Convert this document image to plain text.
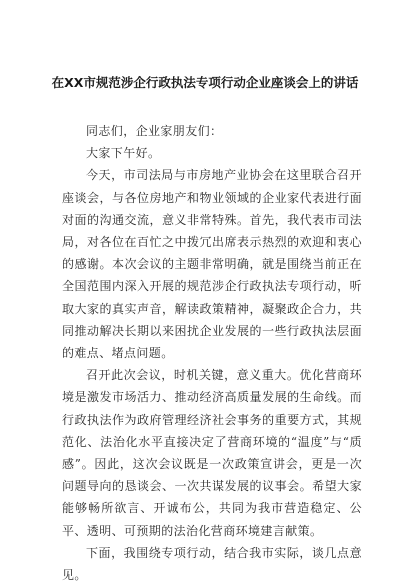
在XX市规范涉企行政执法专项行动企业座谈会上的讲话

同志们，企业家朋友们：

大家下午好。

今天，市司法局与市房地产业协会在这里联合召开座谈会，与各位房地产和物业领域的企业家代表进行面对面的沟通交流，意义非常特殊。首先，我代表市司法局，对各位在百忙之中拨冗出席表示热烈的欢迎和衷心的感谢。本次会议的主题非常明确，就是围绕当前正在全国范围内深入开展的规范涉企行政执法专项行动，听取大家的真实声音，解读政策精神，凝聚政企合力，共同推动解决长期以来困扰企业发展的一些行政执法层面的难点、堵点问题。

召开此次会议，时机关键，意义重大。优化营商环境是激发市场活力、推动经济高质量发展的生命线。而行政执法作为政府管理经济社会事务的重要方式，其规范化、法治化水平直接决定了营商环境的“温度”与“质感”。因此，这次会议既是一次政策宣讲会，更是一次问题导向的恳谈会、一次共谋发展的议事会。希望大家能够畅所欲言、开诚布公，共同为我市营造稳定、公平、透明、可预期的法治化营商环境建言献策。

下面，我围绕专项行动，结合我市实际，谈几点意见。
